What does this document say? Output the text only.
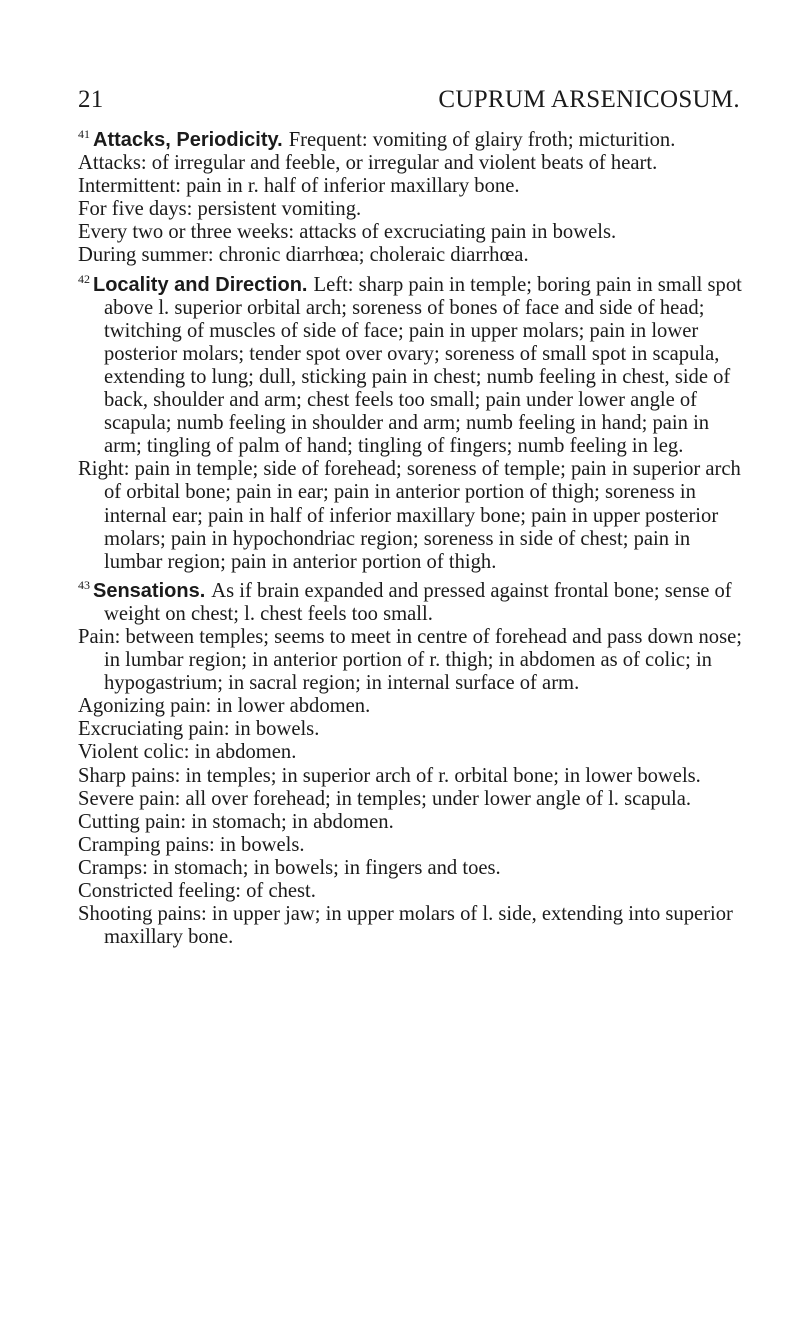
21	CUPRUM ARSENICOSUM.
$^{41}$ Attacks, Periodicity. Frequent: vomiting of glairy froth; micturition.
Attacks: of irregular and feeble, or irregular and violent beats of heart.
Intermittent: pain in r. half of inferior maxillary bone.
For five days: persistent vomiting.
Every two or three weeks: attacks of excruciating pain in bowels.
During summer: chronic diarrhœa; choleraic diarrhœa.
$^{42}$ Locality and Direction. Left: sharp pain in temple; boring pain in small spot above l. superior orbital arch; soreness of bones of face and side of head; twitching of muscles of side of face; pain in upper molars; pain in lower posterior molars; tender spot over ovary; soreness of small spot in scapula, extending to lung; dull, sticking pain in chest; numb feeling in chest, side of back, shoulder and arm; chest feels too small; pain under lower angle of scapula; numb feeling in shoulder and arm; numb feeling in hand; pain in arm; tingling of palm of hand; tingling of fingers; numb feeling in leg.
Right: pain in temple; side of forehead; soreness of temple; pain in superior arch of orbital bone; pain in ear; pain in anterior portion of thigh; soreness in internal ear; pain in half of inferior maxillary bone; pain in upper posterior molars; pain in hypochondriac region; soreness in side of chest; pain in lumbar region; pain in anterior portion of thigh.
$^{43}$ Sensations. As if brain expanded and pressed against frontal bone; sense of weight on chest; l. chest feels too small.
Pain: between temples; seems to meet in centre of forehead and pass down nose; in lumbar region; in anterior portion of r. thigh; in abdomen as of colic; in hypogastrium; in sacral region; in internal surface of arm.
Agonizing pain: in lower abdomen.
Excruciating pain: in bowels.
Violent colic: in abdomen.
Sharp pains: in temples; in superior arch of r. orbital bone; in lower bowels.
Severe pain: all over forehead; in temples; under lower angle of l. scapula.
Cutting pain: in stomach; in abdomen.
Cramping pains: in bowels.
Cramps: in stomach; in bowels; in fingers and toes.
Constricted feeling: of chest.
Shooting pains: in upper jaw; in upper molars of l. side, extending into superior maxillary bone.
